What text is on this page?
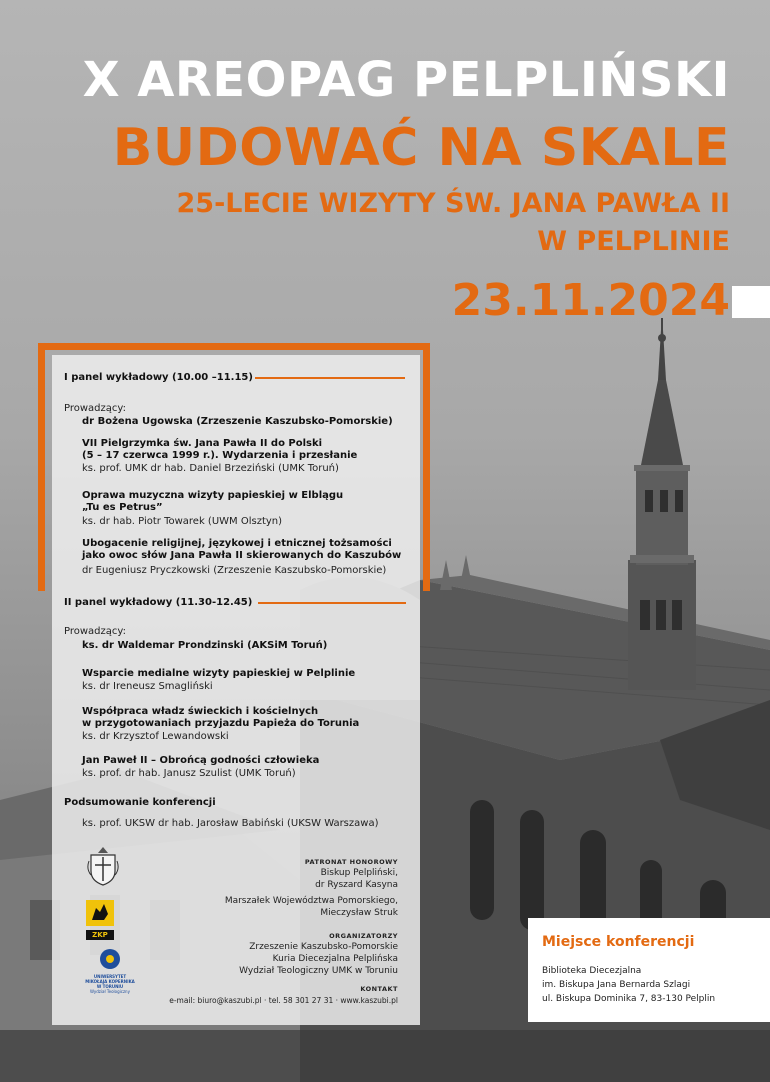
X AREOPAG PELPLIŃSKI
BUDOWAĆ NA SKALE
25-LECIE WIZYTY ŚW. JANA PAWŁA II
W PELPLINIE
23.11.2024
I panel wykładowy (10.00 –11.15)
Prowadzący:
dr Bożena Ugowska (Zrzeszenie Kaszubsko-Pomorskie)
VII Pielgrzymka św. Jana Pawła II do Polski
(5 – 17 czerwca 1999 r.). Wydarzenia i przesłanie
ks. prof. UMK dr hab. Daniel Brzeziński (UMK Toruń)
Oprawa muzyczna wizyty papieskiej w Elblągu
„Tu es Petrus”
ks. dr hab. Piotr Towarek (UWM Olsztyn)
Ubogacenie religijnej, językowej i etnicznej tożsamości
jako owoc słów Jana Pawła II skierowanych do Kaszubów
dr Eugeniusz Pryczkowski (Zrzeszenie Kaszubsko-Pomorskie)
II panel wykładowy (11.30-12.45)
Prowadzący:
ks. dr Waldemar Prondzinski (AKSiM Toruń)
Wsparcie medialne wizyty papieskiej w Pelplinie
ks. dr Ireneusz Smagliński
Współpraca władz świeckich i kościelnych
w przygotowaniach przyjazdu Papieża do Torunia
ks. dr Krzysztof Lewandowski
Jan Paweł II – Obrońcą godności człowieka
ks. prof. dr hab. Janusz Szulist (UMK Toruń)
Podsumowanie konferencji
ks. prof. UKSW dr hab. Jarosław Babiński (UKSW Warszawa)
ZKP
UNIWERSYTET
MIKOŁAJA KOPERNIKA
W TORUNIU
Wydział Teologiczny
PATRONAT HONOROWY
Biskup Pelpliński,
dr Ryszard Kasyna
Marszałek Województwa Pomorskiego,
Mieczysław Struk
ORGANIZATORZY
Zrzeszenie Kaszubsko-Pomorskie
Kuria Diecezjalna Pelplińska
Wydział Teologiczny UMK w Toruniu
KONTAKT
e-mail: biuro@kaszubi.pl · tel. 58 301 27 31 · www.kaszubi.pl
Miejsce konferencji
Biblioteka Diecezjalna
im. Biskupa Jana Bernarda Szlagi
ul. Biskupa Dominika 7, 83-130 Pelplin
